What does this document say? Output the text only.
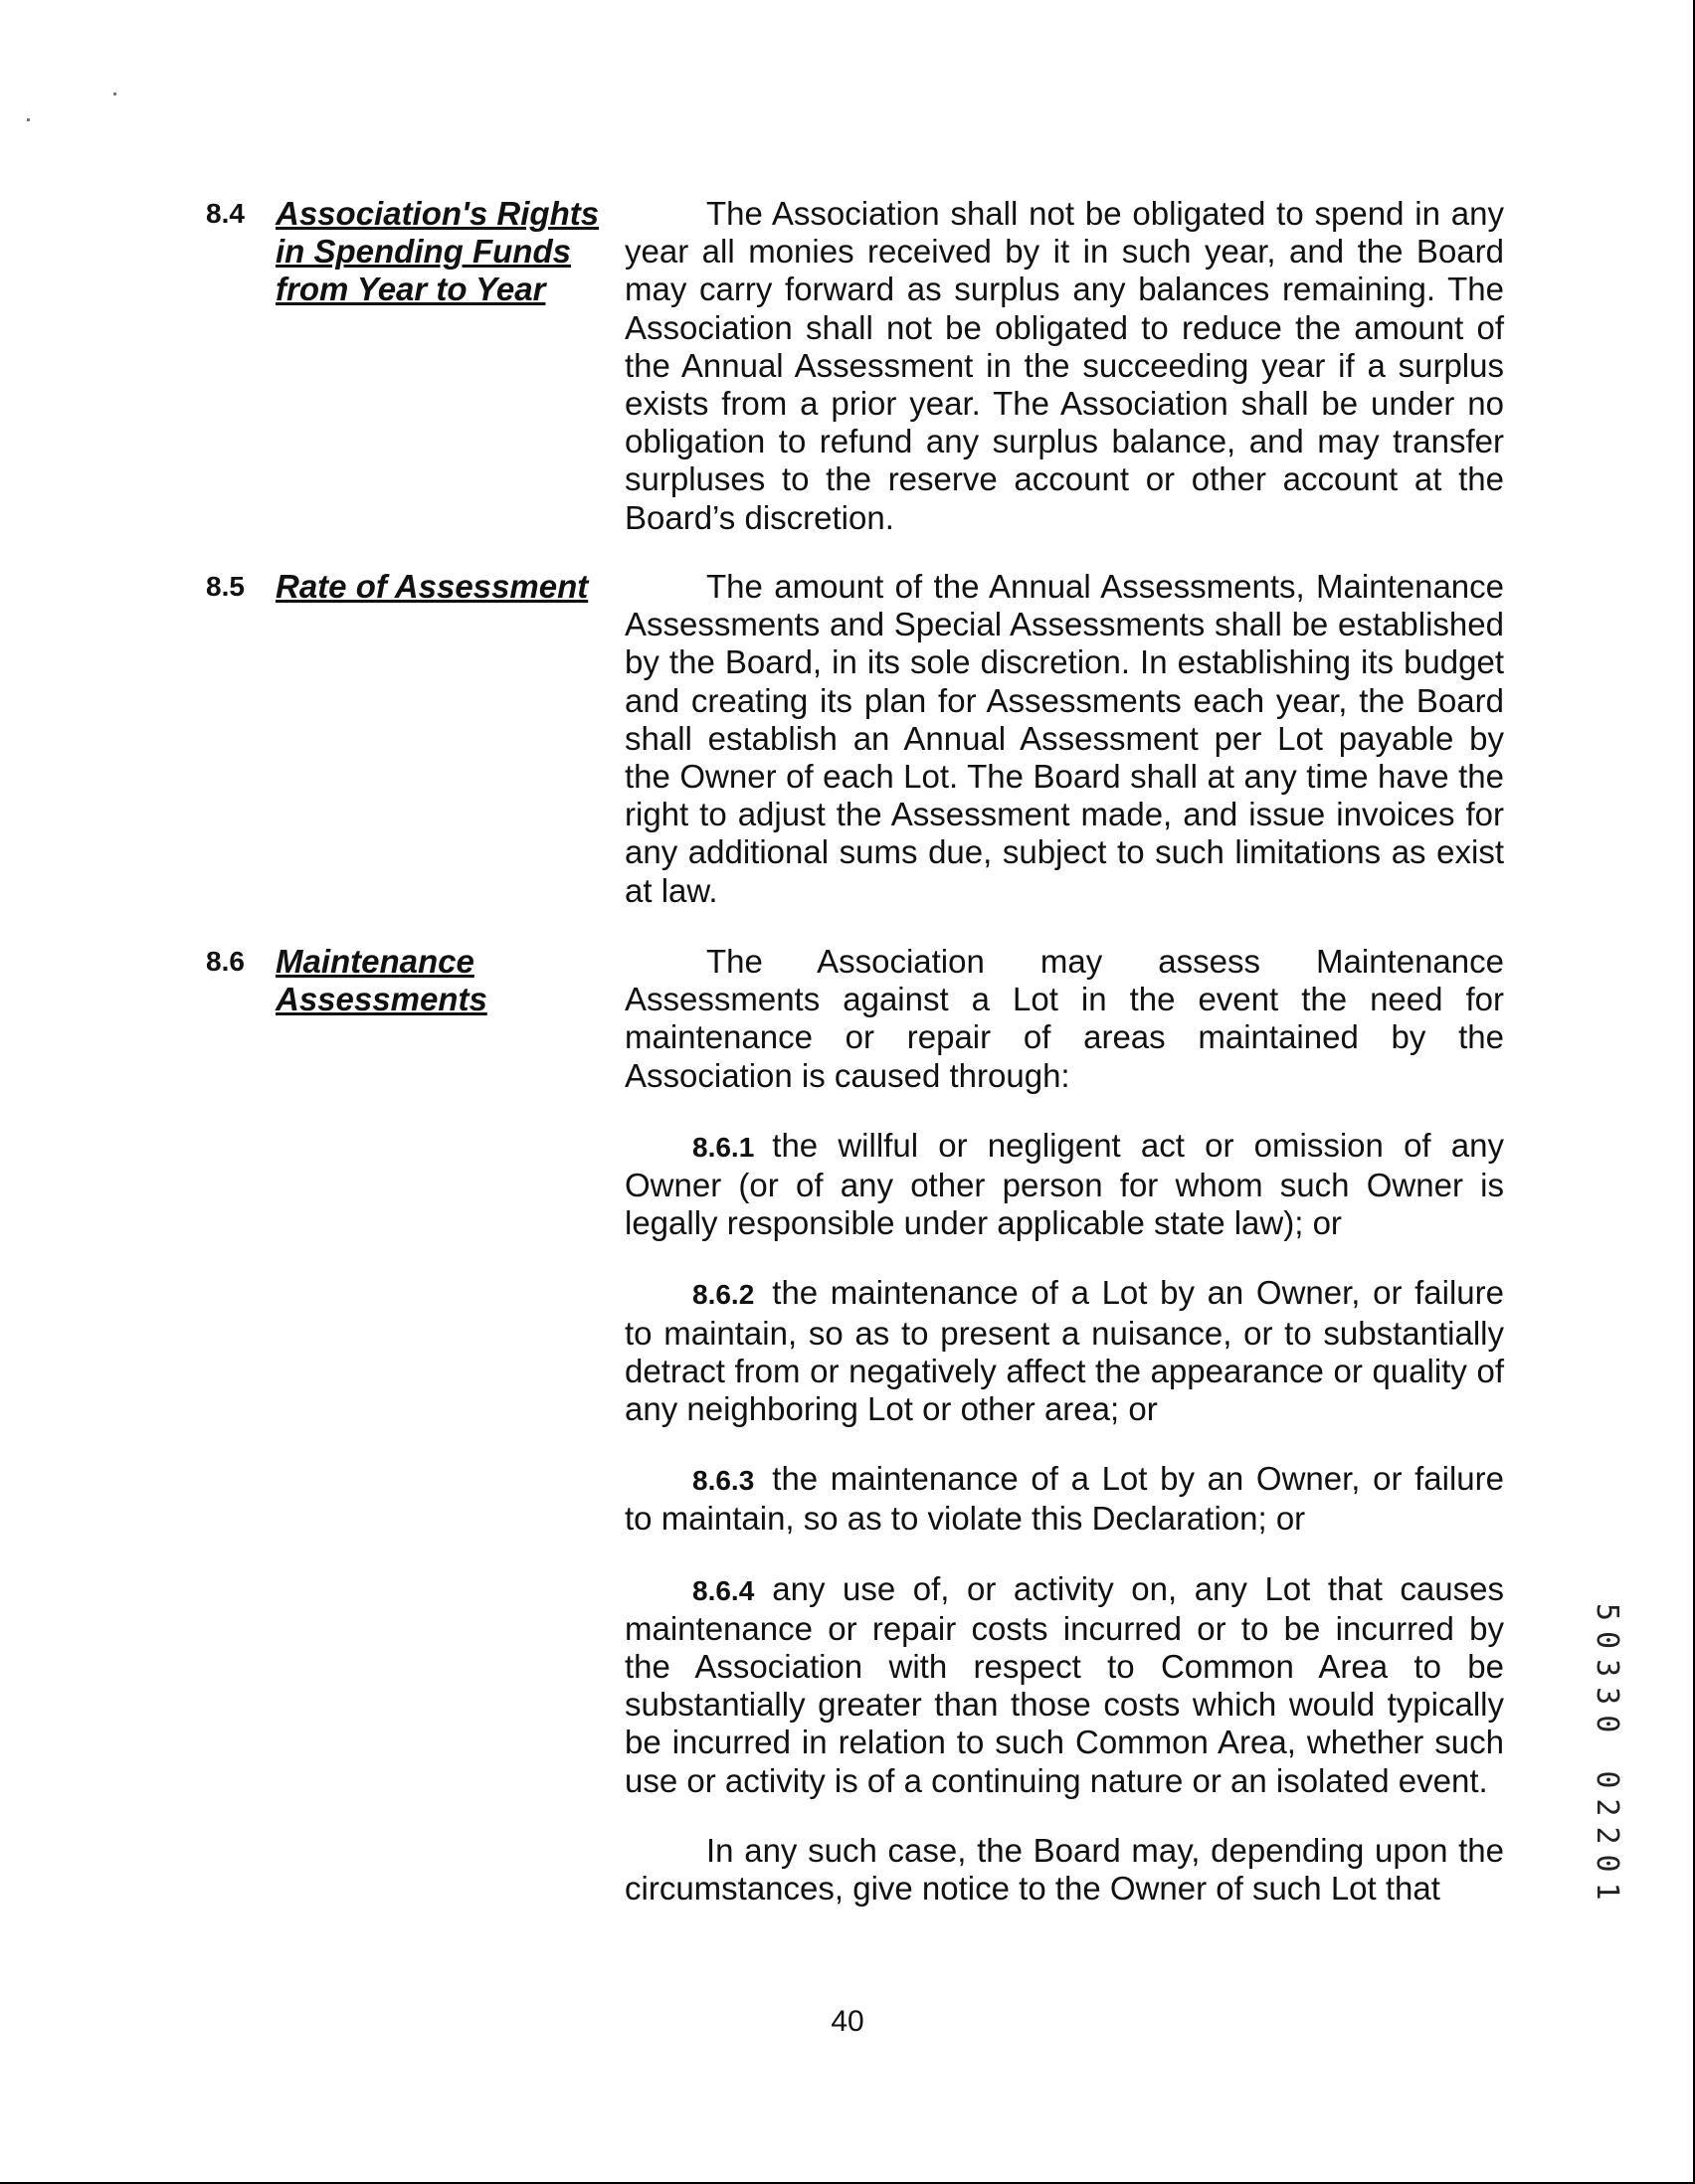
8.4 Association's Rights in Spending Funds from Year to Year

The Association shall not be obligated to spend in any year all monies received by it in such year, and the Board may carry forward as surplus any balances remaining. The Association shall not be obligated to reduce the amount of the Annual Assessment in the succeeding year if a surplus exists from a prior year. The Association shall be under no obligation to refund any surplus balance, and may transfer surpluses to the reserve account or other account at the Board’s discretion.

8.5 Rate of Assessment	The amount of the Annual Assessments, Maintenance Assessments and Special Assessments shall be established by the Board, in its sole discretion. In establishing its budget and creating its plan for Assessments each year, the Board shall establish an Annual Assessment per Lot payable by the Owner of each Lot. The Board shall at any time have the right to adjust the Assessment made, and issue invoices for any additional sums due, subject to such limitations as exist at law.

8.6 Maintenance Assessments

The Association may assess Maintenance Assessments against a Lot in the event the need for maintenance or repair of areas maintained by the Association is caused through:

8.6.1 the willful or negligent act or omission of any Owner (or of any other person for whom such Owner is legally responsible under applicable state law); or

8.6.2 the maintenance of a Lot by an Owner, or failure to maintain, so as to present a nuisance, or to substantially detract from or negatively affect the appearance or quality of any neighboring Lot or other area; or

8.6.3 the maintenance of a Lot by an Owner, or failure to maintain, so as to violate this Declaration; or

8.6.4 any use of, or activity on, any Lot that causes maintenance or repair costs incurred or to be incurred by the Association with respect to Common Area to be substantially greater than those costs which would typically be incurred in relation to such Common Area, whether such use or activity is of a continuing nature or an isolated event.

In any such case, the Board may, depending upon the circumstances, give notice to the Owner of such Lot that

40
50330 02201
